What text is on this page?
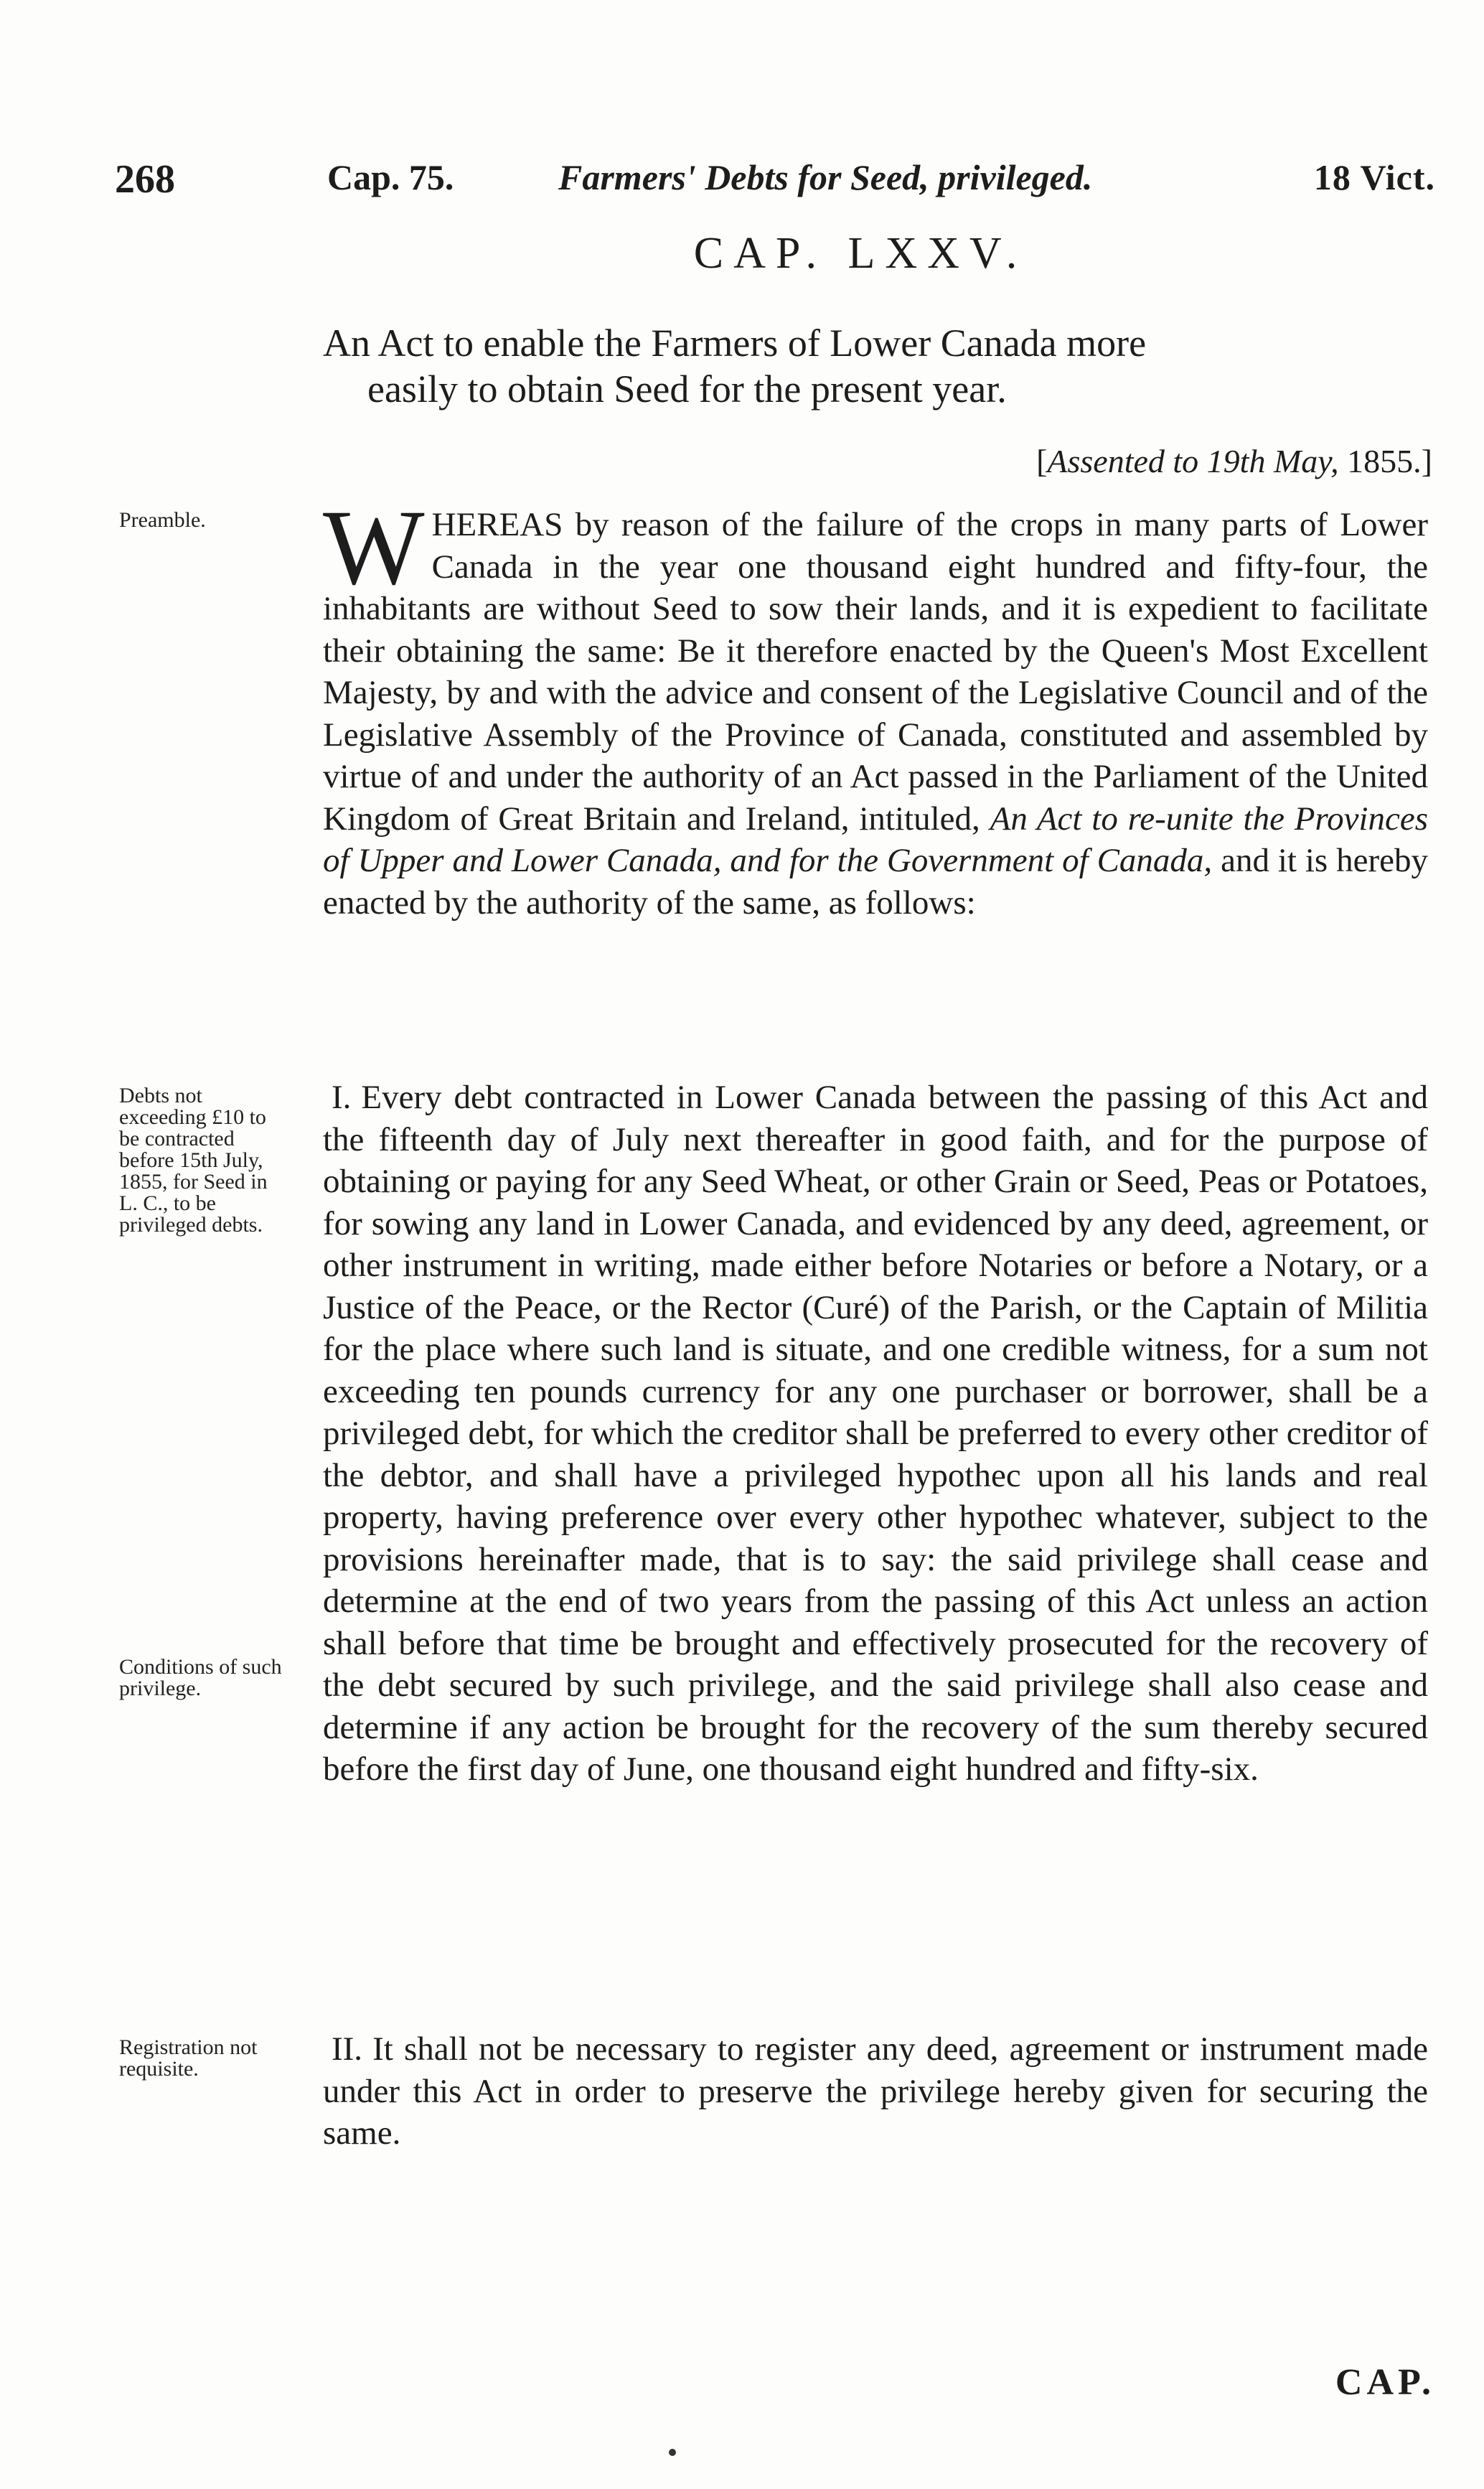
268	Cap. 75.	Farmers' Debts for Seed, privileged.	18 Vict.
CAP. LXXV.
An Act to enable the Farmers of Lower Canada more
easily to obtain Seed for the present year.
[Assented to 19th May, 1855.]
Preamble.
Debts not exceeding £10 to be contracted before 15th July, 1855, for Seed in L. C., to be privileged debts.
Conditions of such privilege.
Registration not requisite.

WHEREAS by reason of the failure of the crops in many parts of Lower Canada in the year one thousand eight hundred and fifty-four, the inhabitants are without Seed to sow their lands, and it is expedient to facilitate their obtaining the same: Be it therefore enacted by the Queen's Most Excellent Majesty, by and with the advice and consent of the Legislative Council and of the Legislative Assembly of the Province of Canada, constituted and assembled by virtue of and under the authority of an Act passed in the Parliament of the United Kingdom of Great Britain and Ireland, intituled, An Act to re-unite the Provinces of Upper and Lower Canada, and for the Government of Canada, and it is hereby enacted by the authority of the same, as follows:

I. Every debt contracted in Lower Canada between the passing of this Act and the fifteenth day of July next thereafter in good faith, and for the purpose of obtaining or paying for any Seed Wheat, or other Grain or Seed, Peas or Potatoes, for sowing any land in Lower Canada, and evidenced by any deed, agreement, or other instrument in writing, made either before Notaries or before a Notary, or a Justice of the Peace, or the Rector (Curé) of the Parish, or the Captain of Militia for the place where such land is situate, and one credible witness, for a sum not exceeding ten pounds currency for any one purchaser or borrower, shall be a privileged debt, for which the creditor shall be preferred to every other creditor of the debtor, and shall have a privileged hypothec upon all his lands and real property, having preference over every other hypothec whatever, subject to the provisions hereinafter made, that is to say: the said privilege shall cease and determine at the end of two years from the passing of this Act unless an action shall before that time be brought and effectively prosecuted for the recovery of the debt secured by such privilege, and the said privilege shall also cease and determine if any action be brought for the recovery of the sum thereby secured before the first day of June, one thousand eight hundred and fifty-six.

II. It shall not be necessary to register any deed, agreement or instrument made under this Act in order to preserve the privilege hereby given for securing the same.

CAP.
